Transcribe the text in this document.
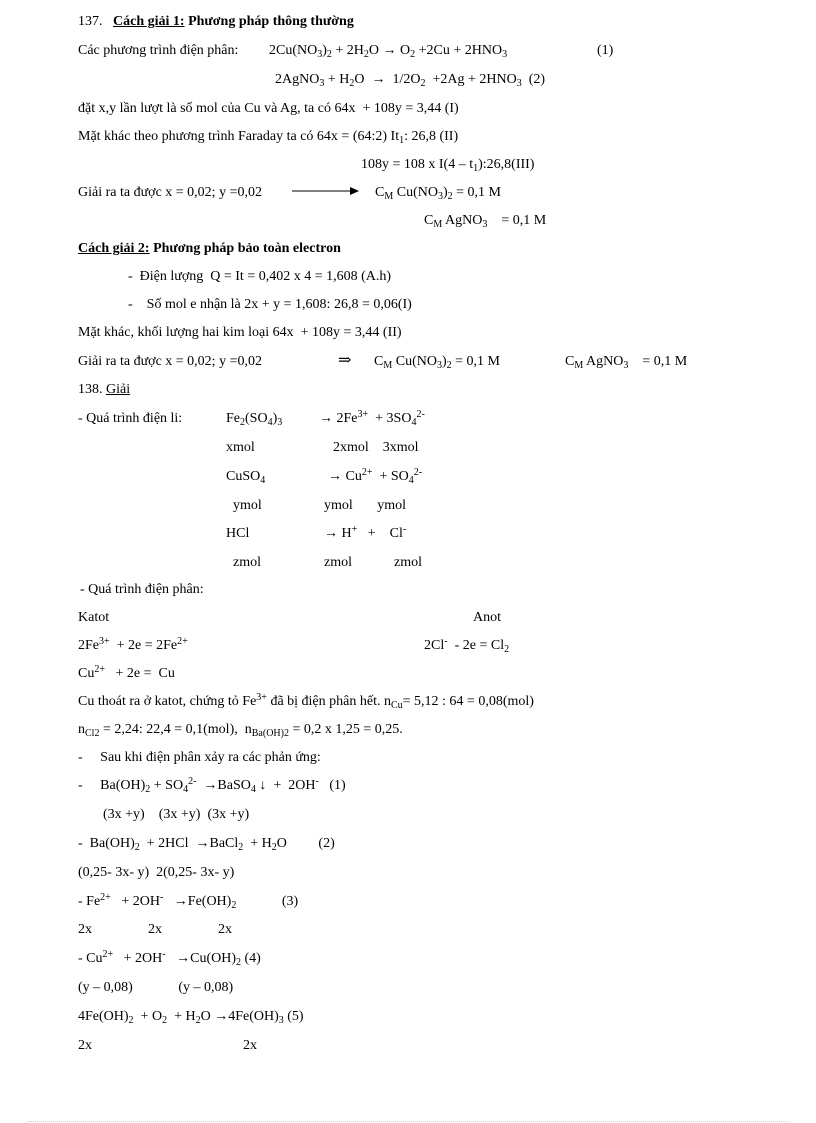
137. Cách giải 1: Phương pháp thông thường
Các phương trình điện phân: $2Cu(NO_3)_2 + 2H_2O \to O_2 +2Cu + 2HNO_3$	(1)
2AgNO$_3$ + $H_2O \to 1/2O_2 +2Ag + 2HNO_3$  (2)
đặt x,y lần lượt là số mol của Cu và Ag, ta có 64x  + 108y = 3,44 (I)
Mặt khác theo phương trình Faraday ta có 64x = (64:2) $It_1$: 26,8 (II)
108y = 108 x $I(4 - t_1):26,8(III)$
Giải ra ta được x = 0,02; y =0,02	$C_M$ $Cu(NO_3)_2 = 0,1$ M
$C_M$ AgNO$_3$    = 0,1 M
Cách giải 2: Phương pháp bảo toàn electron
-  Điện lượng  Q = It = 0,402 x 4 = 1,608 (A.h)
-    Số mol e nhận là 2x + y = 1,608: 26,8 = 0,06(I)
Mặt khác, khối lượng hai kim loại 64x  + 108y = 3,44 (II)
Giải ra ta được x = 0,02; y =0,02	⇒ $C_M$ $Cu(NO_3)_2 = 0,1$ M	$C_M$ AgNO$_3$    = 0,1 M
138. Giải
- Quá trình điện li:	$Fe_2(SO_4)_3$	→ $2Fe^{3+} + 3SO_4^{2-}$
xmol	2xmol    3xmol
CuSO$_4$	→ $Cu^{2+} + SO_4^{2-}$
ymol	ymol       ymol
HCl	→ H+   +    Cl-
zmol	zmol            zmol
- Quá trình điện phân:
Katot	Anot
$2Fe^{3+} + 2e = 2Fe^{2+}$	$2Cl^- - 2e = Cl_2$
$Cu^{2+} + 2e = Cu$
Cu thoát ra ở katot, chứng tỏ $Fe^{3+}$ đã bị điện phân hết. $n_{Cu}= 5,12$ : 64 = 0,08(mol)
$n_{Cl2} = 2,24$: 22,4 = 0,1(mol),  $n_{Ba(OH)2} = 0,2$ x 1,25 = 0,25.
-     Sau khi điện phân xảy ra các phản ứng:
-     $Ba(OH)_2 + SO_4^{2-}$  →BaSO$_4$ ↓  +  2OH-   (1)
(3x +y)    (3x +y)  (3x +y)
-  $Ba(OH)_2 + 2HCl$  →BaCl$_2$  + $H_2O$         (2)
(0,25- 3x- y)  2(0,25- 3x- y)
- $Fe^{2+} + 2OH^- \to Fe(OH)_2$             (3)
2x                2x                2x
- $Cu^{2+} + 2OH^- \to Cu(OH)_2$ (4)
(y – 0,08)             (y – 0,08)
$4Fe(OH)_2 + O_2 + H_2O \to 4Fe(OH)_3$ (5)
2x	2x
